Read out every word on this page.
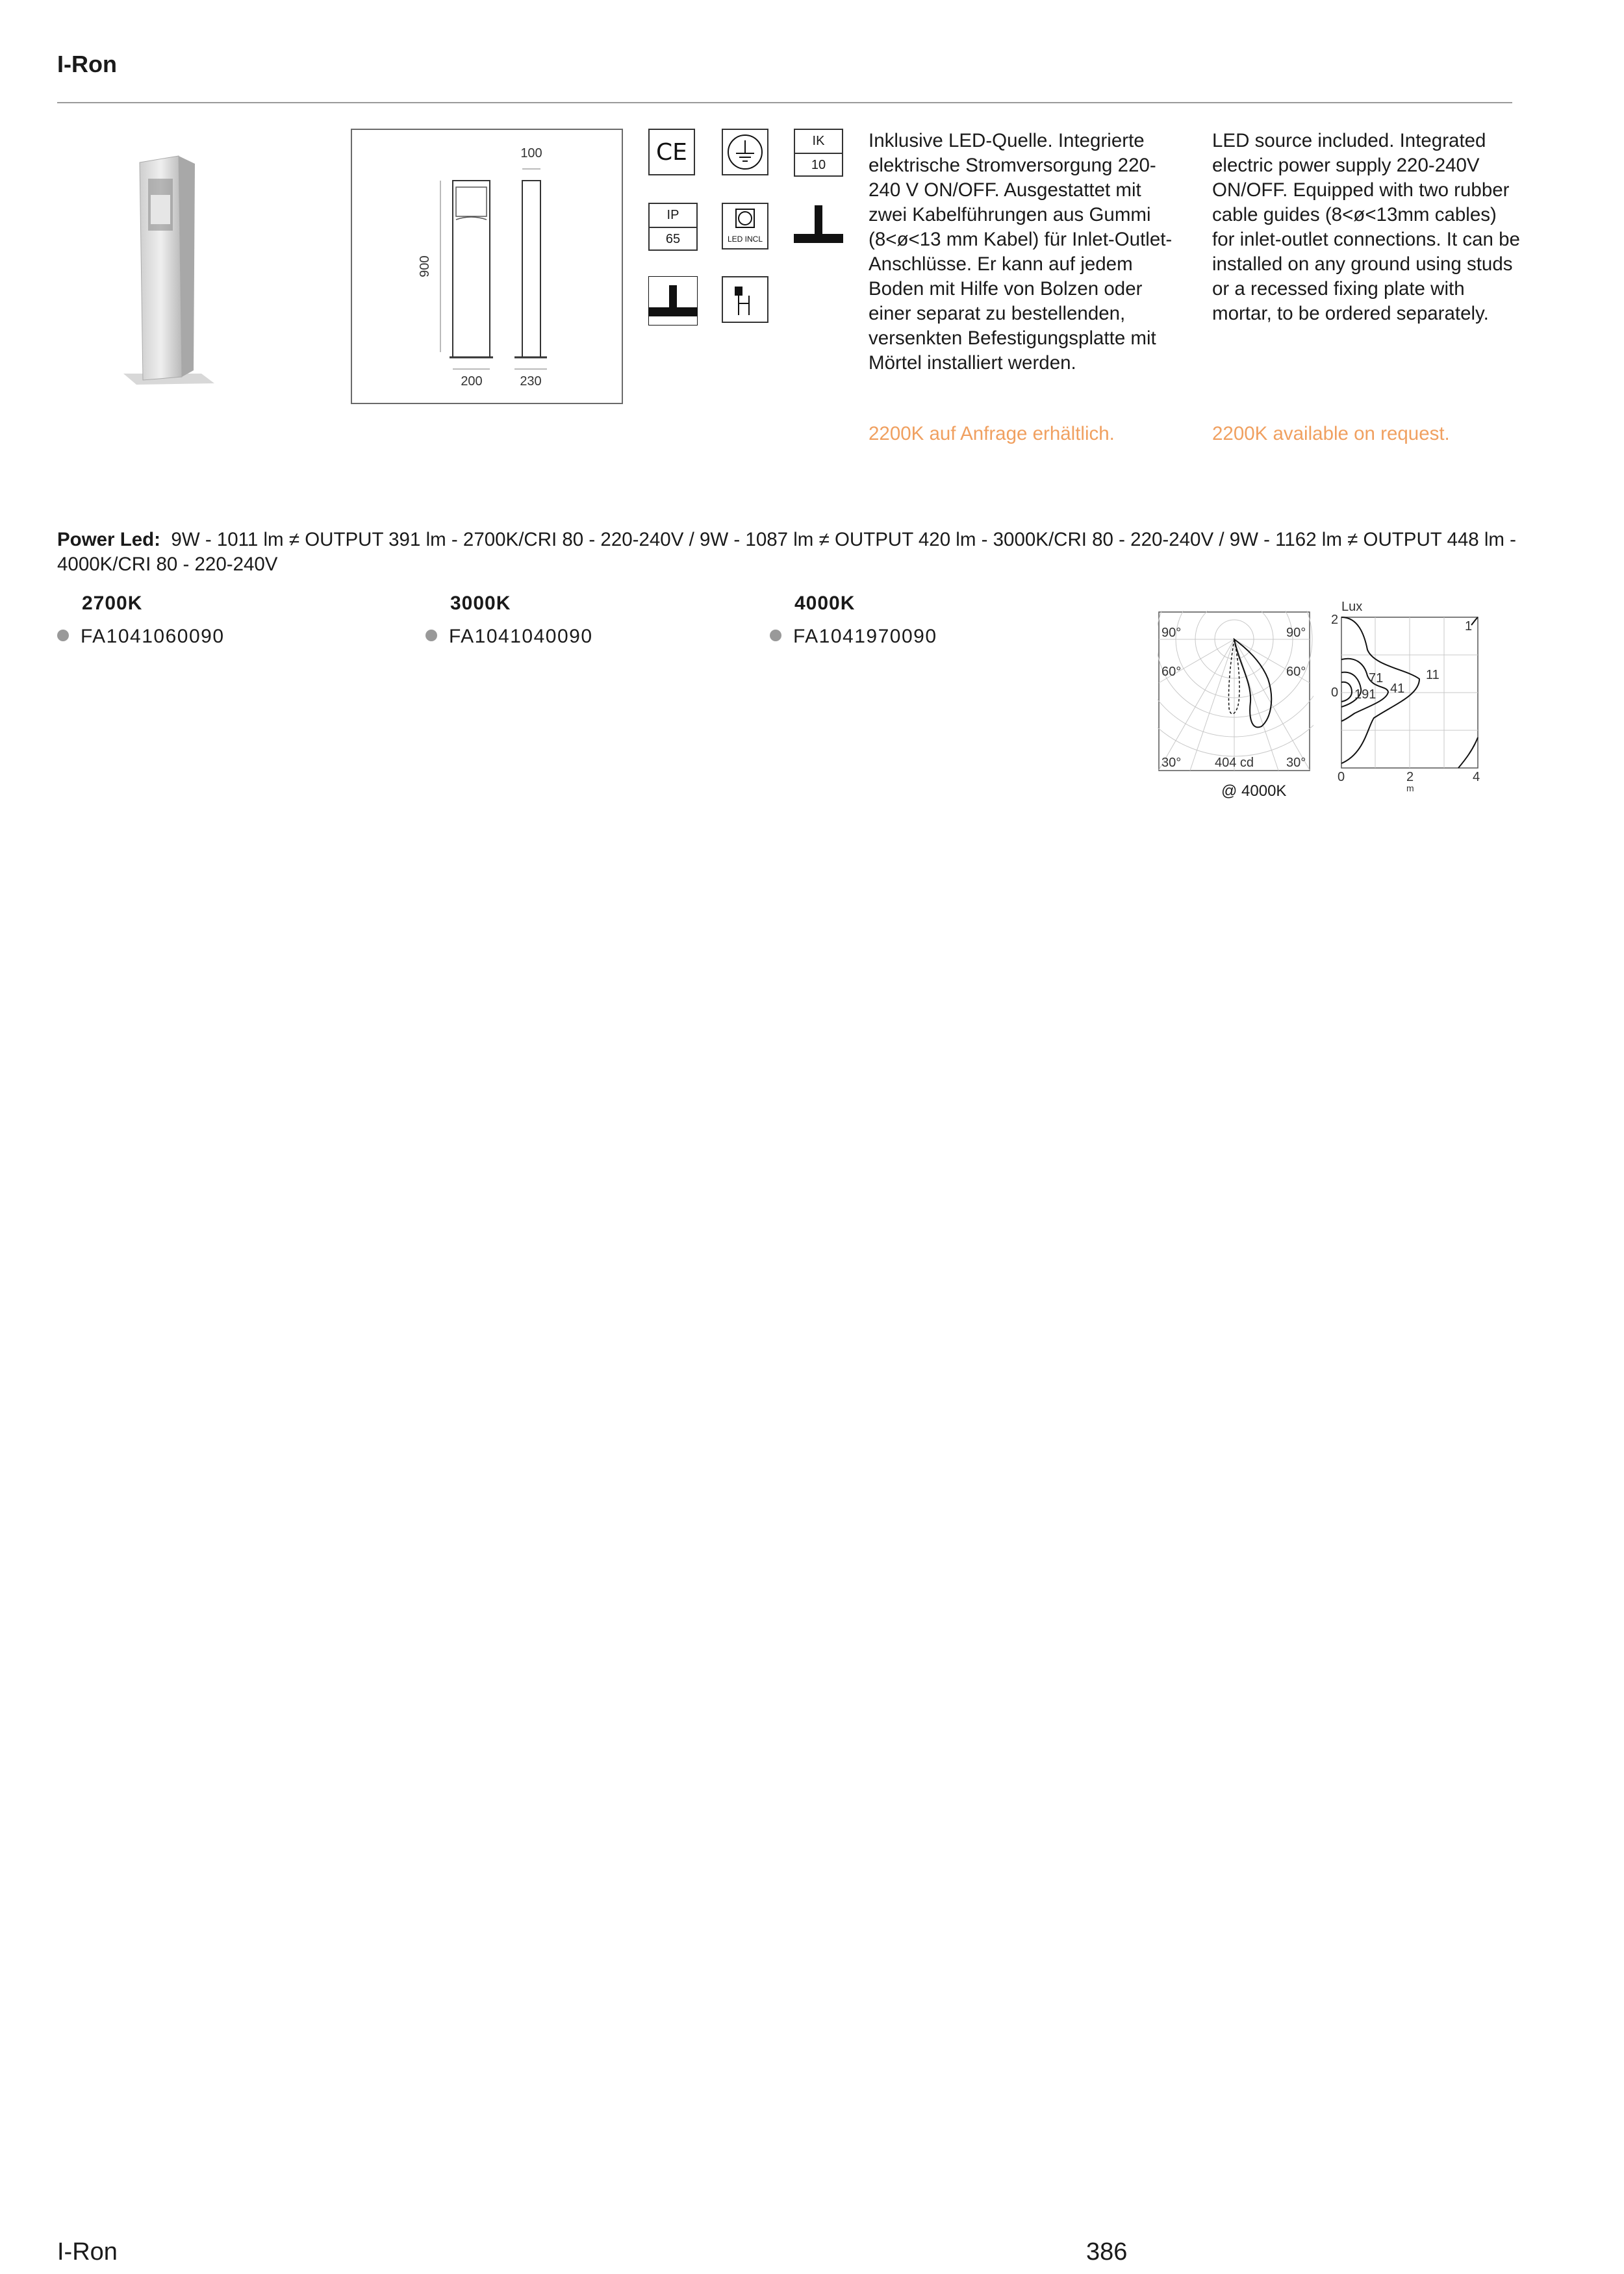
I-Ron
100
900
200	230
CE	IK
10
IP
65	LED INCL
Inklusive LED-Quelle. Integrierte elektrische Stromversorgung 220-240 V ON/OFF. Ausgestattet mit zwei Kabelführungen aus Gummi (8<ø<13 mm Kabel) für Inlet-Outlet-Anschlüsse. Er kann auf jedem Boden mit Hilfe von Bolzen oder einer separat zu bestellenden, versenkten Befestigungsplatte mit Mörtel installiert werden.
LED source included. Integrated electric power supply 220-240V ON/OFF. Equipped with two rubber cable guides (8<ø<13mm cables) for inlet-outlet connections. It can be installed on any ground using studs or a recessed fixing plate with mortar, to be ordered separately.
2200K auf Anfrage erhältlich.	2200K available on request.
Power Led: 9W - 1011 lm ≠ OUTPUT 391 lm - 2700K/CRI 80 - 220-240V / 9W - 1087 lm ≠ OUTPUT 420 lm - 3000K/CRI 80 - 220-240V / 9W - 1162 lm ≠ OUTPUT 448 lm - 4000K/CRI 80 - 220-240V
2700K	3000K	4000K
FA1041060090	FA1041040090	FA1041970090	90°	90°
60°	60°
30°	30°
404 cd
@ 4000K
Lux
2
0
0	2	4
m
1
11
41
71
191
I-Ron	386
